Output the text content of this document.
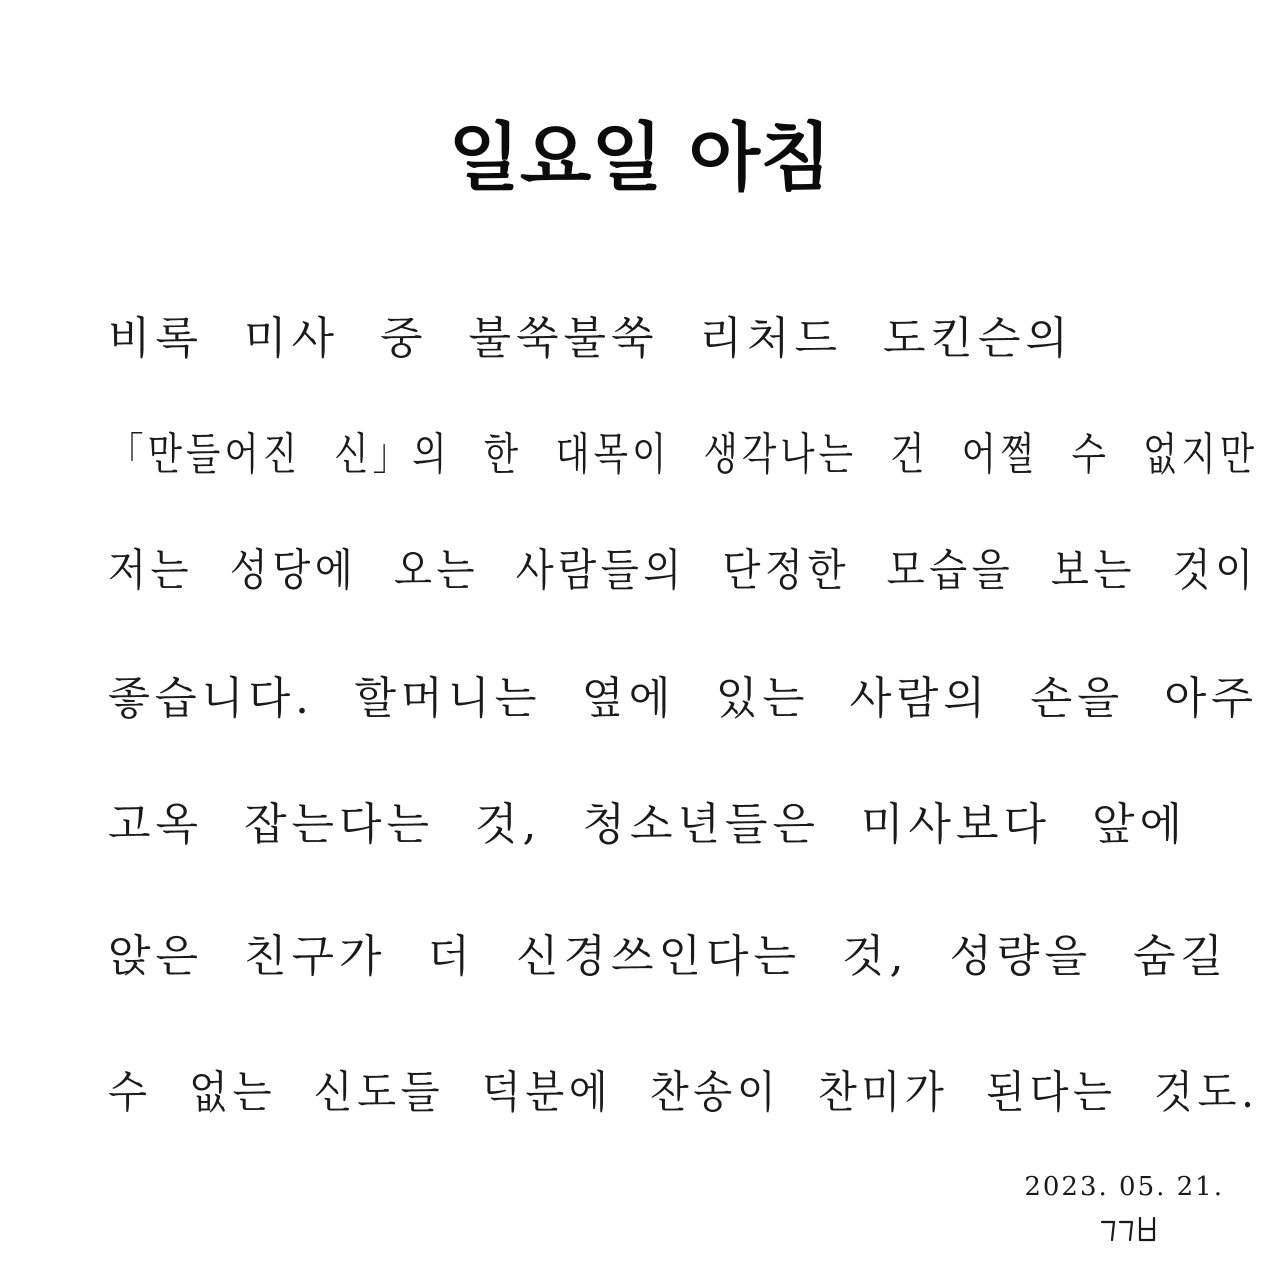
일요일 아침
비록 미사 중 불쑥불쑥 리처드 도킨슨의
「만들어진 신」의 한 대목이 생각나는 건 어쩔 수 없지만
저는 성당에 오는 사람들의 단정한 모습을 보는 것이
좋습니다. 할머니는 옆에 있는 사람의 손을 아주
고옥 잡는다는 것, 청소년들은 미사보다 앞에
앉은 친구가 더 신경쓰인다는 것, 성량을 숨길
수 없는 신도들 덕분에 찬송이 찬미가 된다는 것도.
2023. 05. 21.
